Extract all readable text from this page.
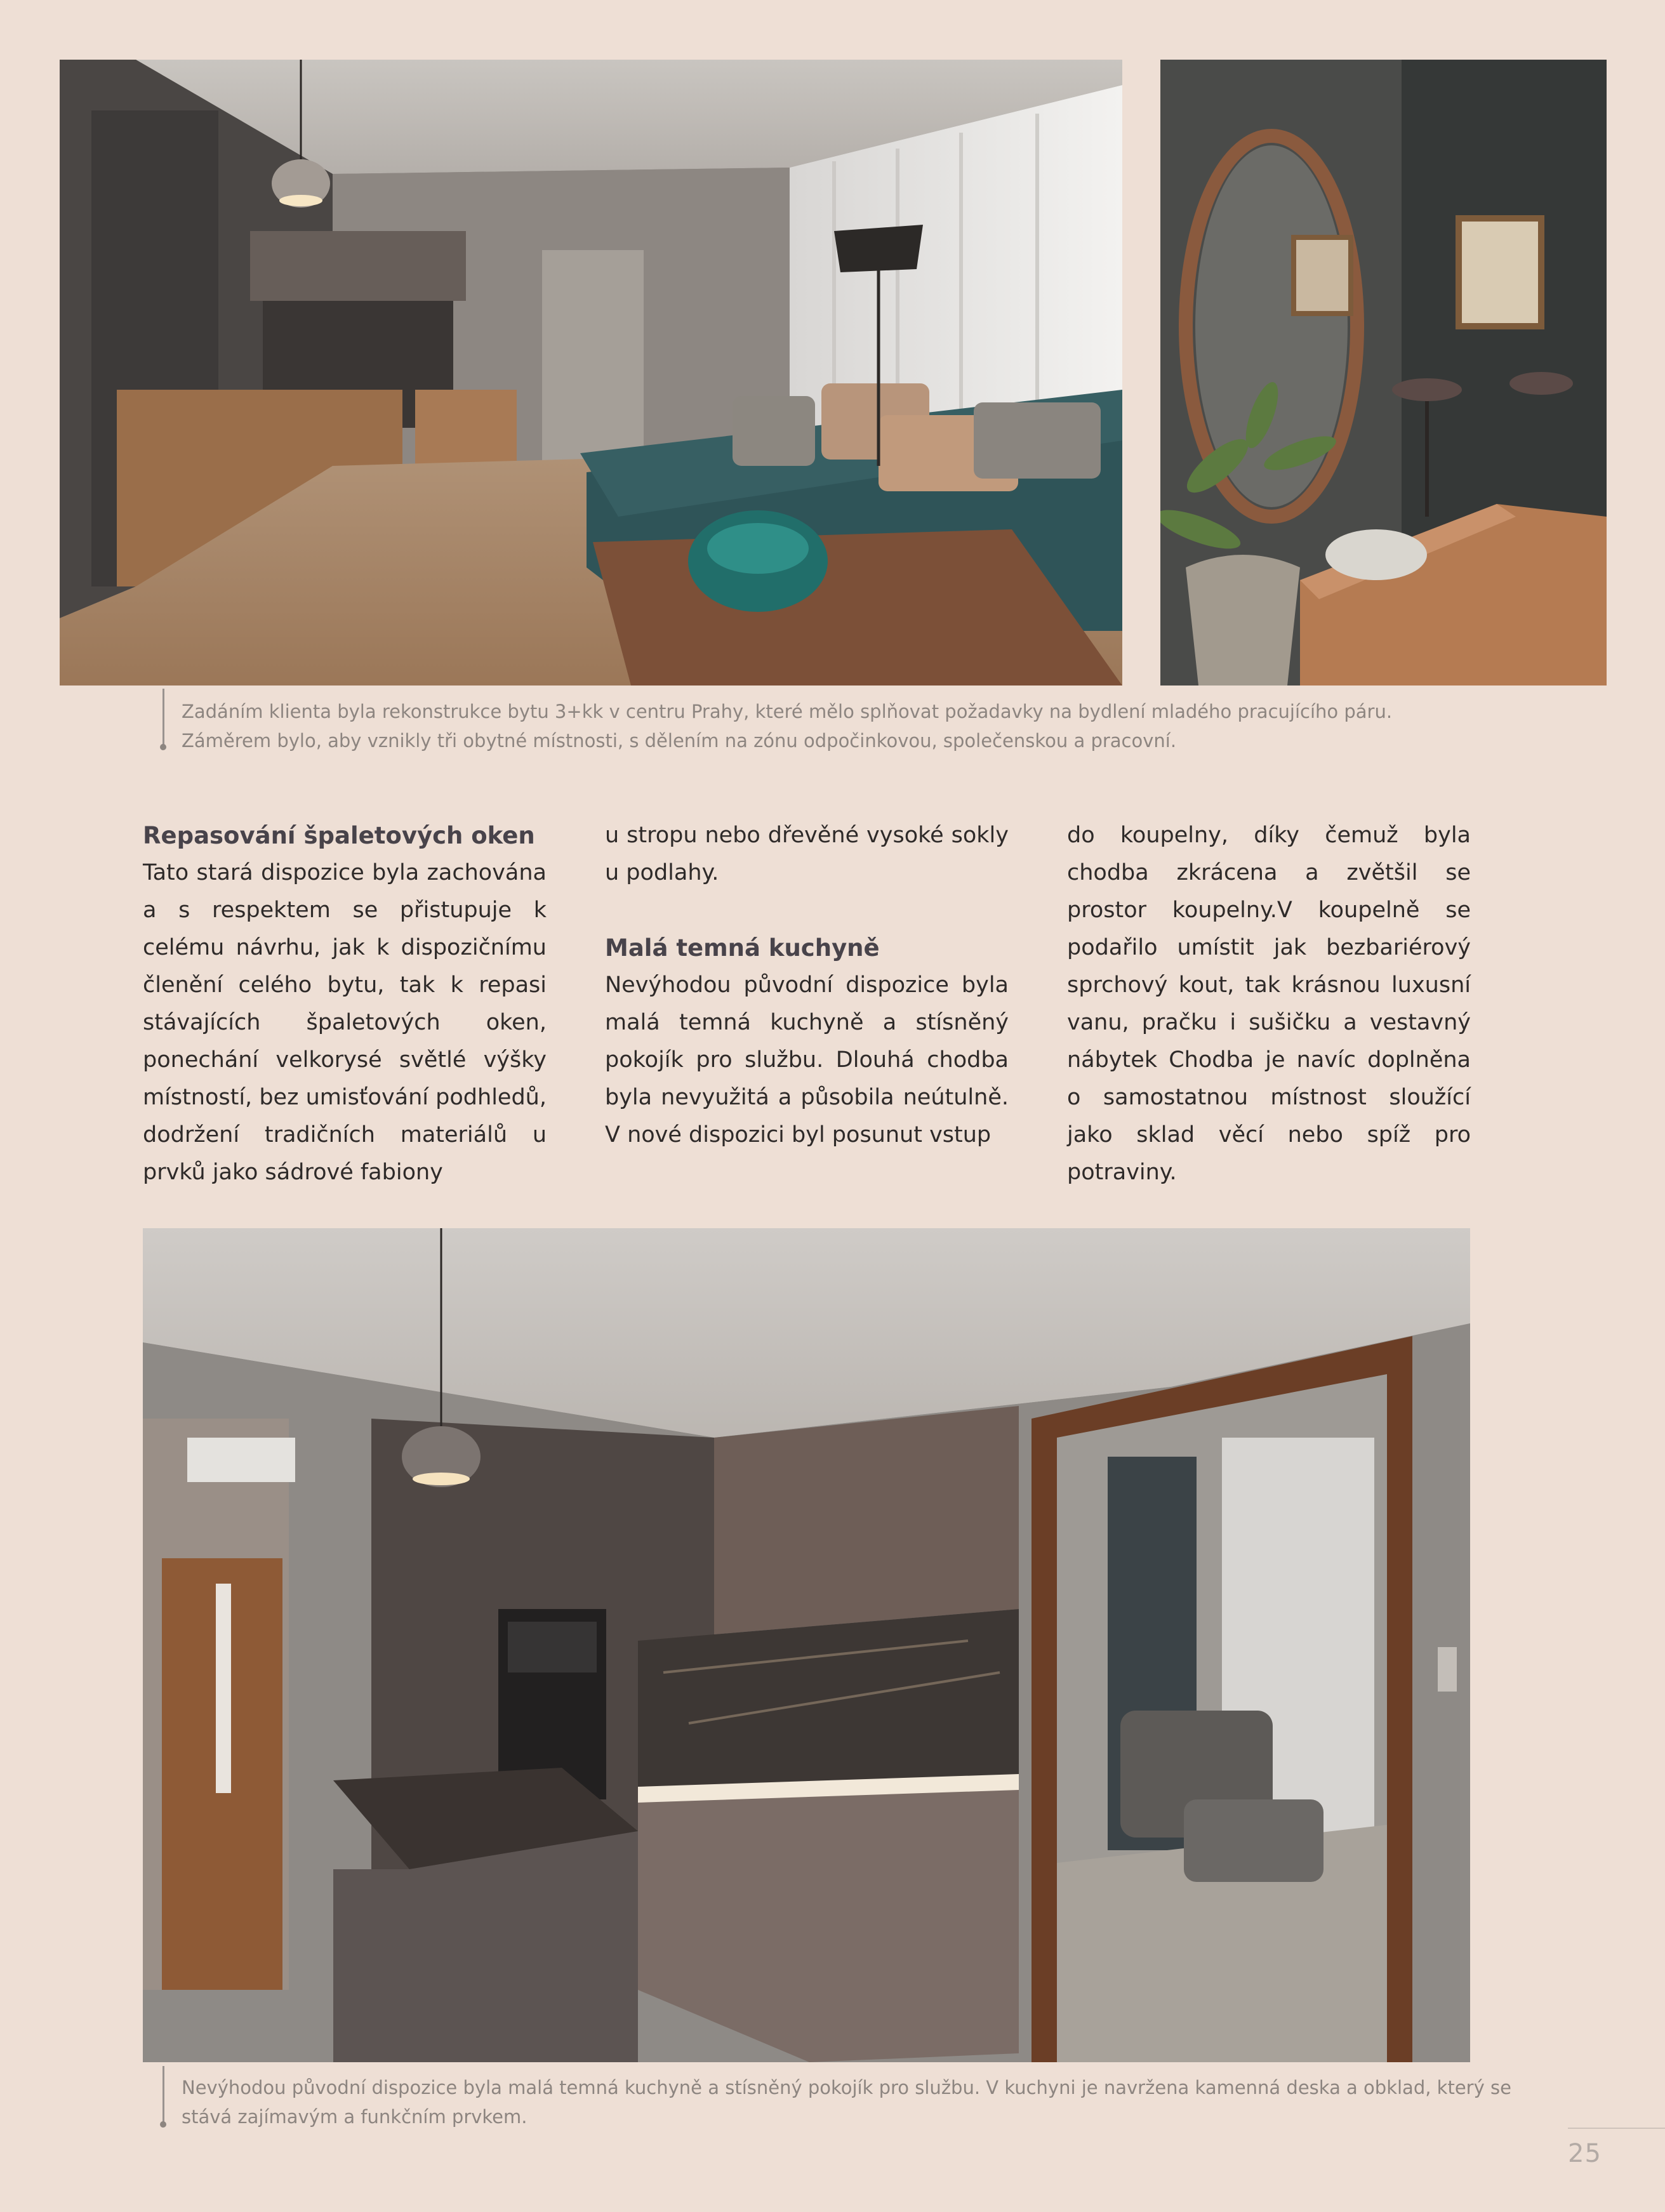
Zadáním klienta byla rekonstrukce bytu 3+kk v centru Prahy, které mělo splňovat požadavky na bydlení mladého pracujícího páru.
Záměrem bylo, aby vznikly tři obytné místnosti, s dělením na zónu odpočinkovou, společenskou a pracovní.
Repasování špaletových oken

Tato stará dispozice byla zachována a s respektem se přistupuje k celému návrhu, jak k dispozičnímu členění celého bytu, tak k repasi stávajících špaletových oken, ponechání velkorysé světlé výšky místností, bez umisťování podhledů, dodržení tradičních materiálů u prvků jako sádrové fabiony

u stropu nebo dřevěné vysoké sokly u podlahy.

Malá temná kuchyně

Nevýhodou původní dispozice byla malá temná kuchyně a stísněný pokojík pro službu. Dlouhá chodba byla nevyužitá a působila neútulně. V nové dispozici byl posunut vstup

do koupelny, díky čemuž byla chodba zkrácena a zvětšil se prostor koupelny.V koupelně se podařilo umístit jak bezbariérový sprchový kout, tak krásnou luxusní vanu, pračku i sušičku a vestavný nábytek Chodba je navíc doplněna o samostatnou místnost sloužící jako sklad věcí nebo spíž pro potraviny.

Nevýhodou původní dispozice byla malá temná kuchyně a stísněný pokojík pro službu. V kuchyni je navržena kamenná deska a obklad, který se
stává zajímavým a funkčním prvkem.
25
